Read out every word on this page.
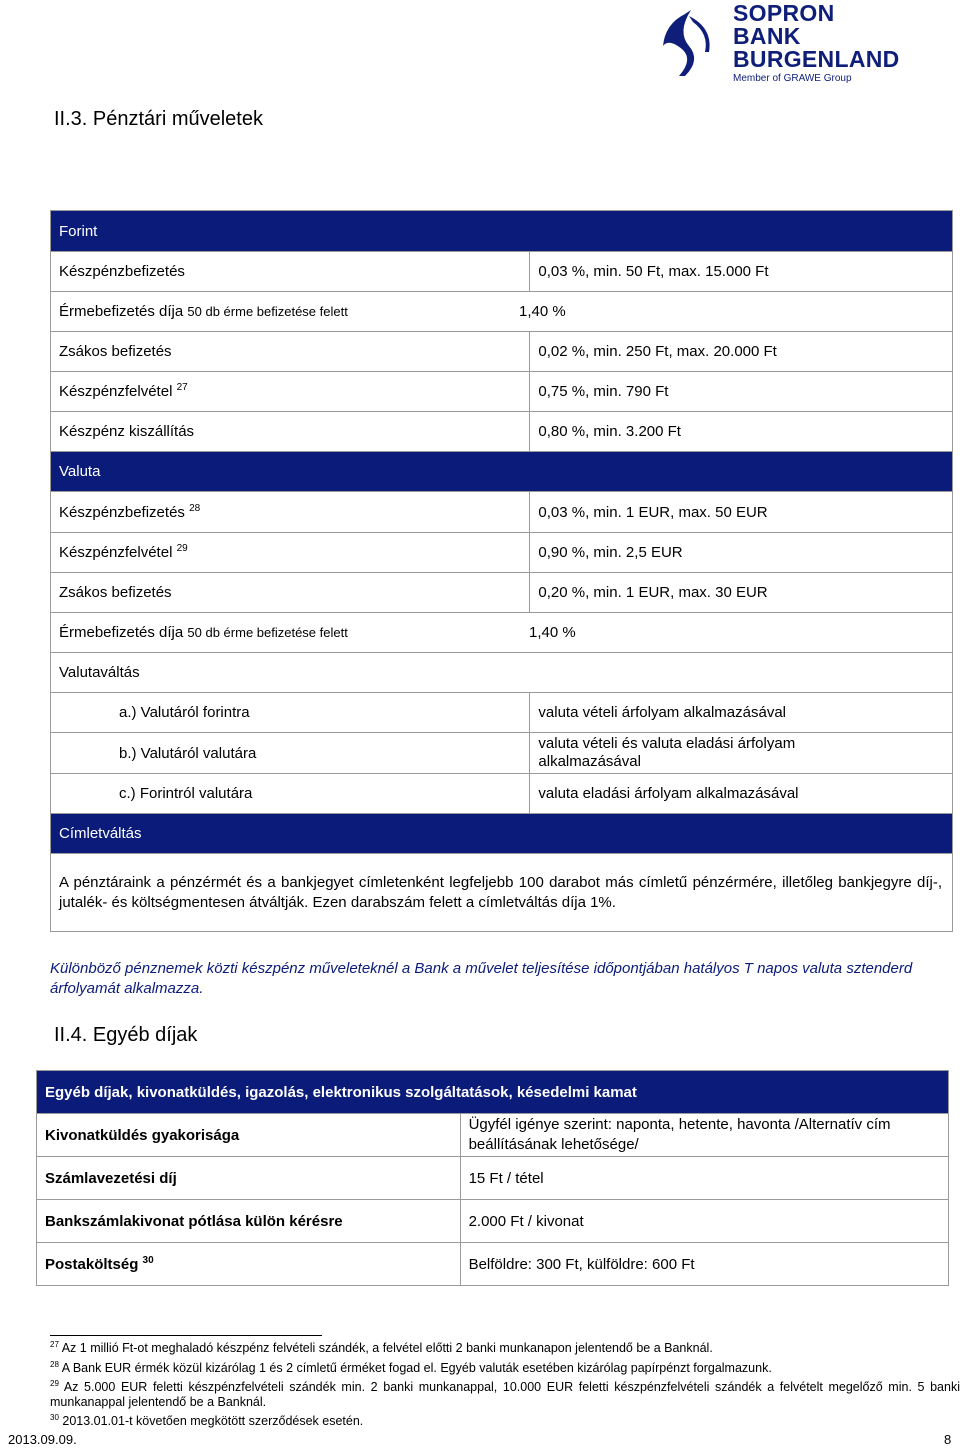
SOPRON
BANK
BURGENLAND
Member of GRAWE Group
II.3. Pénztári műveletek
Forint	
Készpénzbefizetés	0,03 %, min. 50 Ft, max. 15.000 Ft
Érmebefizetés díja 50 db érme befizetése felett 1,40 %	
Zsákos befizetés	0,02 %, min. 250 Ft, max. 20.000 Ft
Készpénzfelvétel $^{27}$	0,75 %, min. 790 Ft
Készpénz kiszállítás	0,80 %, min. 3.200 Ft
Valuta	
Készpénzbefizetés $^{28}$	0,03 %, min. 1 EUR, max. 50 EUR
Készpénzfelvétel $^{29}$	0,90 %, min. 2,5 EUR
Zsákos befizetés	0,20 %, min. 1 EUR, max. 30 EUR
Érmebefizetés díja 50 db érme befizetése felett 1,40 %	
Valutaváltás	
a.) Valutáról forintra	valuta vételi árfolyam alkalmazásával
b.) Valutáról valutára	valuta vételi és valuta eladási árfolyam alkalmazásával
c.) Forintról valutára	valuta eladási árfolyam alkalmazásával
Címletváltás	
A pénztáraink a pénzérmét és a bankjegyet címletenként legfeljebb 100 darabot más címletű pénzérmére, illetőleg bankjegyre díj-, jutalék- és költségmentesen átváltják. Ezen darabszám felett a címletváltás díja 1%.	
Különböző pénznemek közti készpénz műveleteknél a Bank a művelet teljesítése időpontjában hatályos T napos valuta sztenderd árfolyamát alkalmazza.
II.4. Egyéb díjak
Egyéb díjak, kivonatküldés, igazolás, elektronikus szolgáltatások, késedelmi kamat	
Kivonatküldés gyakorisága	Ügyfél igénye szerint: naponta, hetente, havonta /Alternatív cím beállításának lehetősége/
Számlavezetési díj	15 Ft / tétel
Bankszámlakivonat pótlása külön kérésre	2.000 Ft / kivonat
Postaköltség $^{30}$	Belföldre: 300 Ft, külföldre: 600 Ft
$^{27}$ Az 1 millió Ft-ot meghaladó készpénz felvételi szándék, a felvétel előtti 2 banki munkanapon jelentendő be a Banknál.
$^{28}$ A Bank EUR érmék közül kizárólag 1 és 2 címletű érméket fogad el. Egyéb valuták esetében kizárólag papírpénzt forgalmazunk.
$^{29}$ Az 5.000 EUR feletti készpénzfelvételi szándék min. 2 banki munkanappal, 10.000 EUR feletti készpénzfelvételi szándék a felvételt megelőző min. 5 banki munkanappal jelentendő be a Banknál.
$^{30}$ 2013.01.01-t követően megkötött szerződések esetén.
2013.09.09.	8
